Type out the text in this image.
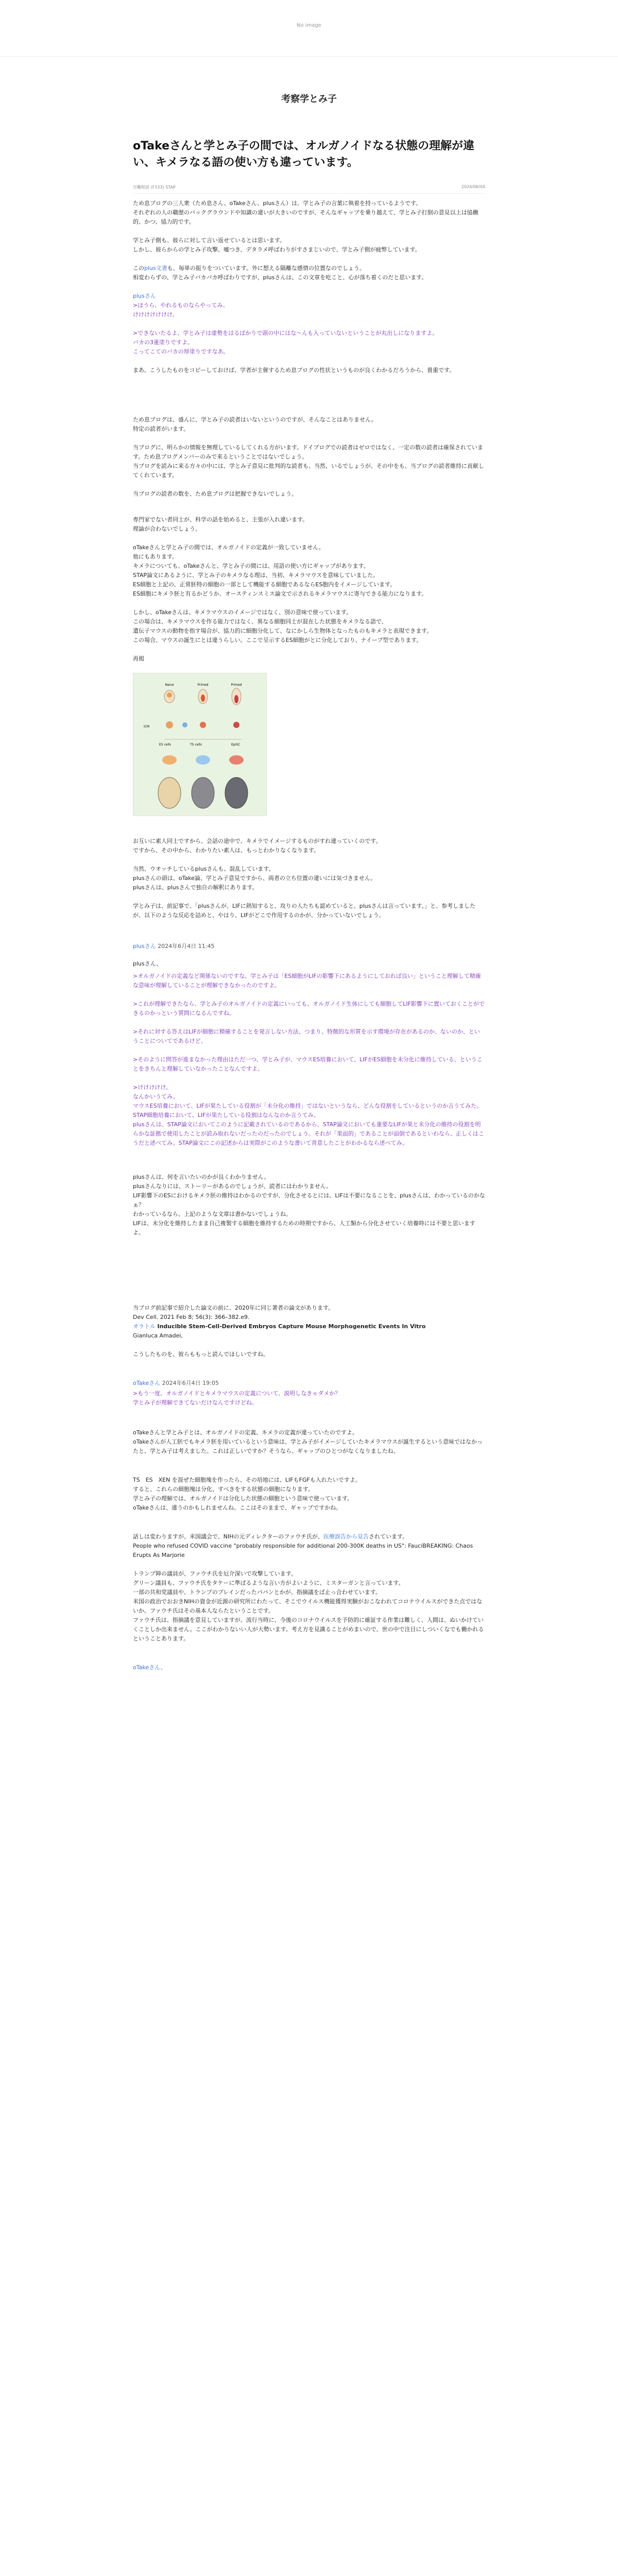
No image
考察学とみ子
oTakeさんと学とみ子の間では、オルガノイドなる状態の理解が違い、キメラなる語の使い方も違っています。
労働相談 (F333) STAP	2024/06/04

ため息ブログの三人衆（ため息さん、oTakeさん、plusさん）は、学とみ子の言葉に執着を持っているようです。
それぞれの人の職歴のバックグラウンドや知識の違いが大きいのですが、そんなギャップを乗り越えて、学とみ子打倒の意見以上は協働的、かつ、協力的です。

学とみ子側も、彼らに対して言い返せているとは思います。
しかし、彼らからの学とみ子攻撃、嘘つき、デタラメ呼ばわりがすさまじいので、学とみ子側が疲弊しています。

このplus文書も、毎単の振りをついています。外に想える隔離な感情の位置なのでしょう。
相変わらずの、学とみ子バカパカ呼ばわりですが、plusさんは、この文章を吃こと、心が落ち着くのだと思います。

plusさん

>ほうら、やれるものならやってみ。

けけけけけけけ。

>できないたるよ、学とみ子は虚勢をはるばかりで頭の中にはな〜んも入っていないということが丸出しになりますよ。

バカの3重塗りですよ。

こってこてのバカの厚塗りですなあ。

まあ、こうしたものをコピーしておけば、学者が主催するため息ブログの性状というものが良くわかるだろうから、貴重です。

ため息ブログは、盛んに、学とみ子の読者はいないというのですが、そんなことはありません。
特定の読者がいます。

当ブログに、明らかの情報を無理しているしてくれる方がいます。ドイブログでの読者はゼロではなく、一定の数の読者は確保されています。ため息ブログメンバーのみで来るということではないでしょう。
当ブログを読みに来る方々の中には、学とみ子意見に批判的な読者も、当然、いるでしょうが、その中をも、当ブログの読者維持に貢献してくれています。

当ブログの読者の数を、ため息ブログは把握できないでしょう。

専門家でない者同士が、科学の話を始めると、主張が入れ違います。
理論が合わないでしょう。

oTakeさんと学とみ子の間では、オルガノイドの定義が一致していません。
他にもあります。
キメラについても、oTakeさんと、学とみ子の間には、用語の使い方にギャップがあります。
STAP論文にあるように、学とみ子のキメラなる理は、当初、キメラマウスを意味していました。
ES細胞と上記の、正常胚特の細胞の一部として機能する細胞であるならES胞内をイメージしています。
ES細胞にキメラ胚と有るかどうか、オースティンスミス論文で示されるキメラマウスに寄与できる能力になります。

しかし、oTakeさんは、キメラマウスのイメージではなく、別の意味で使っています。
この場合は、キメラマウスを作る能力ではなく、異なる細胞同士が混在した状態をキメラなる語で、
遺伝子マウスの動物を指す場合が、協力的に細胞分化して、なにかしら生物体となったものもキメラと表現できます。
この場合、マウスの誕生にとは違うらしい。ここで呈示するES細胞がとに分化しており、ナイーブ型であります。

再掲

Naive	Primed	Primed
ICM
ES cells	TS cells	EpiSC

お互いに素人同士ですから、会話の途中で、キメラでイメージするものがすれ違っていくのです。
ですから、その中から、わかりたい素人は、もっとわかりなくなります。

当然、ウオッチしているplusさんも、混乱しています。
plusさんの頭は、oTake論、学とみ子意見ですから、両者の立ち位置の違いには気づきません。
plusさんは、plusさんで独自の解釈にあります。

学とみ子は、前記事で、「plusさんが、LIFに熱知すると、攻りの人たちも認めていると、plusさんは言っています。」と、参考しましたが、以下のような反応を詰めと、やはり、LIFがどこで作用するのかが、分かっていないでしょう。

plusさん 2024年6月4日 11:45

plusさん、

>オルガノイドの定義など関係ないのですな。学とみ子は「ES細胞がLIFの影響下にあるようにしておれば良い」ということ理解して精確な意味が理解していることが理解できなかったのですよ。

>これが理解できたなら、学とみ子のオルガノイドの定義にいっても、オルガノイド生体にしても細胞してLIF影響下に置いておくことができるのかっという質問になるんですね。

>それに対する答えはLIFが細胞に精確することを発言しない方法、つまり、特徴的な形質を示す環境が存在があるのか、ないのか、ということについてであるけど、

>そのように問答が進まなかった理由はただ一つ、学とみ子が、マウスES培養において、LIFがES細胞を未分化に維持している、ということをきちんと理解していなかったことなんですよ。

>けけけけけ。

なんかいうてみ。

マウスES培養において、LIFが果たしている役割が「未分化の維持」ではないというなら、どんな役割をしているというのか言うてみた。

STAP細胞培養において、LIFが果たしている役割はなんなのか言うてみ。

plusさんは、STAP論文においてこのように記載されているのであるから、STAP論文においても重要なLIFが果と未分化の維持の役割を明らかな証拠で使用したことが読み取れないだったのだったのでしょう。それが「果面的」であることが面倒であるといわなら、正しくはこうだと述べてみ。STAP論文にこの記述からは実際がこのような書いて背意したことがわかるなら述べてみ。

plusさんは、何を言いたいのかが良くわかりません。
plusさんなりには、ストーリーがあるのでしょうが、読者にはわかりません。
LIF影響下のESにおけるキメラ胚の維持はわかるのですが、分化させるとには、LIFは不要になることを、plusさんは、わかっているのかなぁ？
わかっているなら、上記のような文章は書かないでしょうね。
LIFは、未分化を維持したまま自己複製する細胞を維持するための時期ですから、人工類から分化させていく培養時には不要と思いますよ。

当ブログ前記事で紹介した論文の前に、2020年に同じ著者の論文があります。
Dev Cell. 2021 Feb 8; 56(3): 366–382.e9.
オラトル Inducible Stem-Cell-Derived Embryos Capture Mouse Morphogenetic Events In Vitro
Gianluca Amadei,

こうしたものを、彼らももっと読んでほしいですね。

oTakeさん 2024年6月4日 19:05

>もう一度、オルガノイドとキメラマウスの定義について、説明しなきゃダメか？

学とみ子が理解できてないだけなんですけどね。

oTakeさんと学とみ子とは、オルガノイドの定義、キメラの定義が違っていたのですよ。
oTakeさんが人工胚でもキメラ胚を用いているという意味は、学とみ子がイメージしていたキメラマウスが誕生するという意味ではなかったと、学とみ子は考えました。これは正しいですか？そうなら、ギャップのひとつがなくなりましたね。

TS　ES　XEN を混ぜた細胞塊を作ったら、その培地には、LIFもFGFも入れたいですよ。
すると、これらの細胞塊は分化、すべきをする状態の細胞になります。
学とみ子の理解では、オルガノイドは分化した状態の細胞という意味で使っています。
oTakeさんは、違うのかもしれませんね。ここはそのままで、ギャップですかね。

話しは変わりますが、米国議会で、NIHの元ディレクターのファウチ氏が、医療誤告から見告されています。
People who refused COVID vaccine "probably responsible for additional 200-300K deaths in US": FauciBREAKING: Chaos Erupts As Marjorie

トランプ陣の議員が、ファウチ氏を厄介深いで攻撃しています。
グリーン議員も、ファウチ氏をタケーに準ばるような言い方がよいように、ミスターガンと言っています。
一部の共和党議員や、トランプのブレインだったパパンとかが、指摘議をば止っ合わせています。
米国の政治でおおきNIHの資金が近源の研究所にわたって、そこでウイルス機能獲得実験がおこなわれてコロナウイルスができた点ではないか。ファウチ氏はその基本人ならたということです。
ファウチ氏は、指摘議を意見していますが、流行当時に、今後のコロナウイルスを予防的に確証する作業は難しく、人間は、ぬいかけていくことしか出来ません。ここがわかりないい人が大勢います。考え方を見識ることがめまいので、世の中で注目にしついくなでも働かれるということあります。

oTakeさん、
